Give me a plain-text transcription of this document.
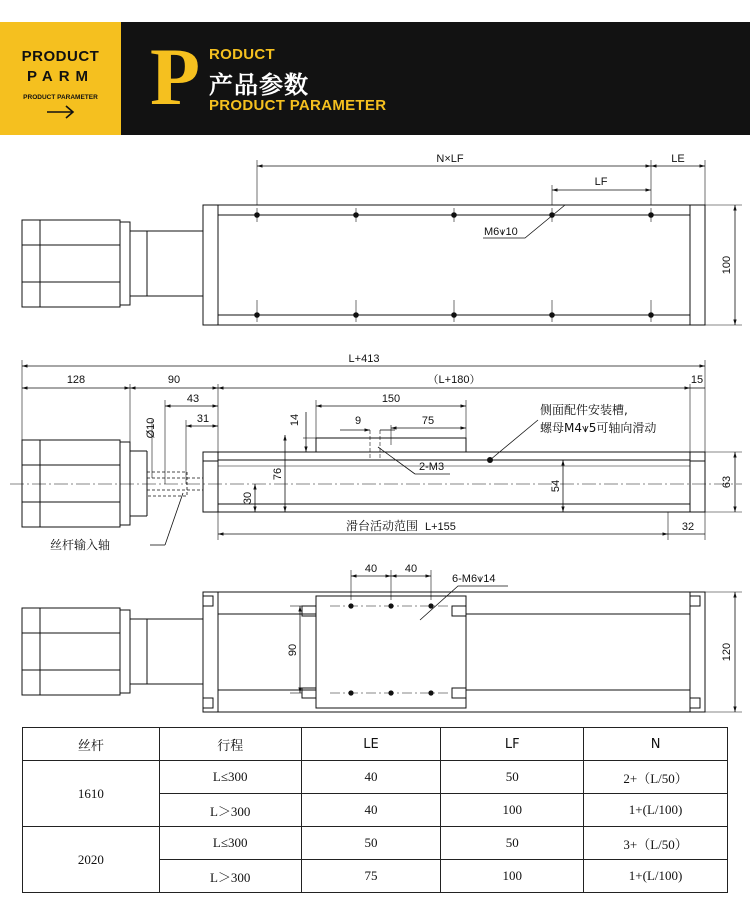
PRODUCT
PARM
PRODUCT PARAMETER P RODUCT
产品参数
PRODUCT PARAMETER
N×LF	LE
LF
M6⩛10
100
L+413
128	90	（L+180）	15
43
31
Ø10	14
150
9	75
侧面配件安装槽,
螺母M4⩛5可轴向滑动
2-M3
76
30
54	63
滑台活动范围 L+155	32
丝杆输入轴
40	40
6-M6⩛14
90	120
丝杆	行程	LE	LF	N
1610	L≤300	40	50	2+（L/50）
	L＞300	40	100	1+(L/100)
2020	L≤300	50	50	3+（L/50）
	L＞300	75	100	1+(L/100)
